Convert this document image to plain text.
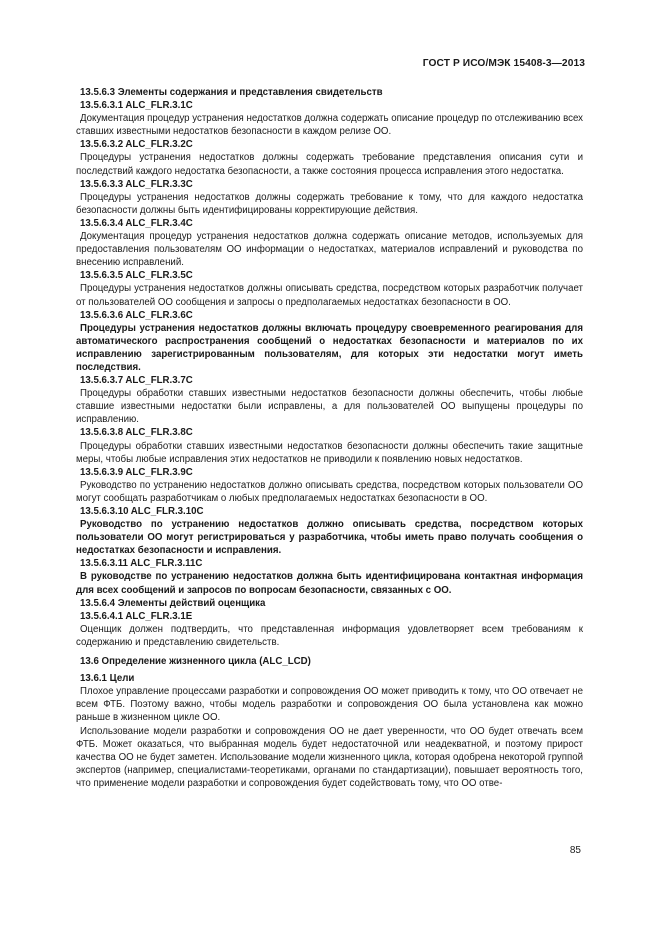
ГОСТ Р ИСО/МЭК 15408-3—2013
13.5.6.3 Элементы содержания и представления свидетельств
13.5.6.3.1 ALC_FLR.3.1C
Документация процедур устранения недостатков должна содержать описание процедур по отслеживанию всех ставших известными недостатков безопасности в каждом релизе ОО.
13.5.6.3.2 ALC_FLR.3.2C
Процедуры устранения недостатков должны содержать требование представления описания сути и последствий каждого недостатка безопасности, а также состояния процесса исправления этого недостатка.
13.5.6.3.3 ALC_FLR.3.3C
Процедуры устранения недостатков должны содержать требование к тому, что для каждого недостатка безопасности должны быть идентифицированы корректирующие действия.
13.5.6.3.4 ALC_FLR.3.4C
Документация процедур устранения недостатков должна содержать описание методов, используемых для предоставления пользователям ОО информации о недостатках, материалов исправлений и руководства по внесению исправлений.
13.5.6.3.5 ALC_FLR.3.5C
Процедуры устранения недостатков должны описывать средства, посредством которых разработчик получает от пользователей ОО сообщения и запросы о предполагаемых недостатках безопасности в ОО.
13.5.6.3.6 ALC_FLR.3.6C
Процедуры устранения недостатков должны включать процедуру своевременного реагирования для автоматического распространения сообщений о недостатках безопасности и материалов по их исправлению зарегистрированным пользователям, для которых эти недостатки могут иметь последствия.
13.5.6.3.7 ALC_FLR.3.7C
Процедуры обработки ставших известными недостатков безопасности должны обеспечить, чтобы любые ставшие известными недостатки были исправлены, а для пользователей ОО выпущены процедуры по исправлению.
13.5.6.3.8 ALC_FLR.3.8C
Процедуры обработки ставших известными недостатков безопасности должны обеспечить такие защитные меры, чтобы любые исправления этих недостатков не приводили к появлению новых недостатков.
13.5.6.3.9 ALC_FLR.3.9C
Руководство по устранению недостатков должно описывать средства, посредством которых пользователи ОО могут сообщать разработчикам о любых предполагаемых недостатках безопасности в ОО.
13.5.6.3.10 ALC_FLR.3.10C
Руководство по устранению недостатков должно описывать средства, посредством которых пользователи ОО могут регистрироваться у разработчика, чтобы иметь право получать сообщения о недостатках безопасности и исправления.
13.5.6.3.11 ALC_FLR.3.11C
В руководстве по устранению недостатков должна быть идентифицирована контактная информация для всех сообщений и запросов по вопросам безопасности, связанных с ОО.
13.5.6.4 Элементы действий оценщика
13.5.6.4.1 ALC_FLR.3.1E
Оценщик должен подтвердить, что представленная информация удовлетворяет всем требованиям к содержанию и представлению свидетельств.
13.6 Определение жизненного цикла (ALC_LCD)
13.6.1 Цели
Плохое управление процессами разработки и сопровождения ОО может приводить к тому, что ОО отвечает не всем ФТБ. Поэтому важно, чтобы модель разработки и сопровождения ОО была установлена как можно раньше в жизненном цикле ОО.
Использование модели разработки и сопровождения ОО не дает уверенности, что ОО будет отвечать всем ФТБ. Может оказаться, что выбранная модель будет недостаточной или неадекватной, и поэтому прирост качества ОО не будет заметен. Использование модели жизненного цикла, которая одобрена некоторой группой экспертов (например, специалистами-теоретиками, органами по стандартизации), повышает вероятность того, что применение модели разработки и сопровождения будет содействовать тому, что ОО отве-
85
